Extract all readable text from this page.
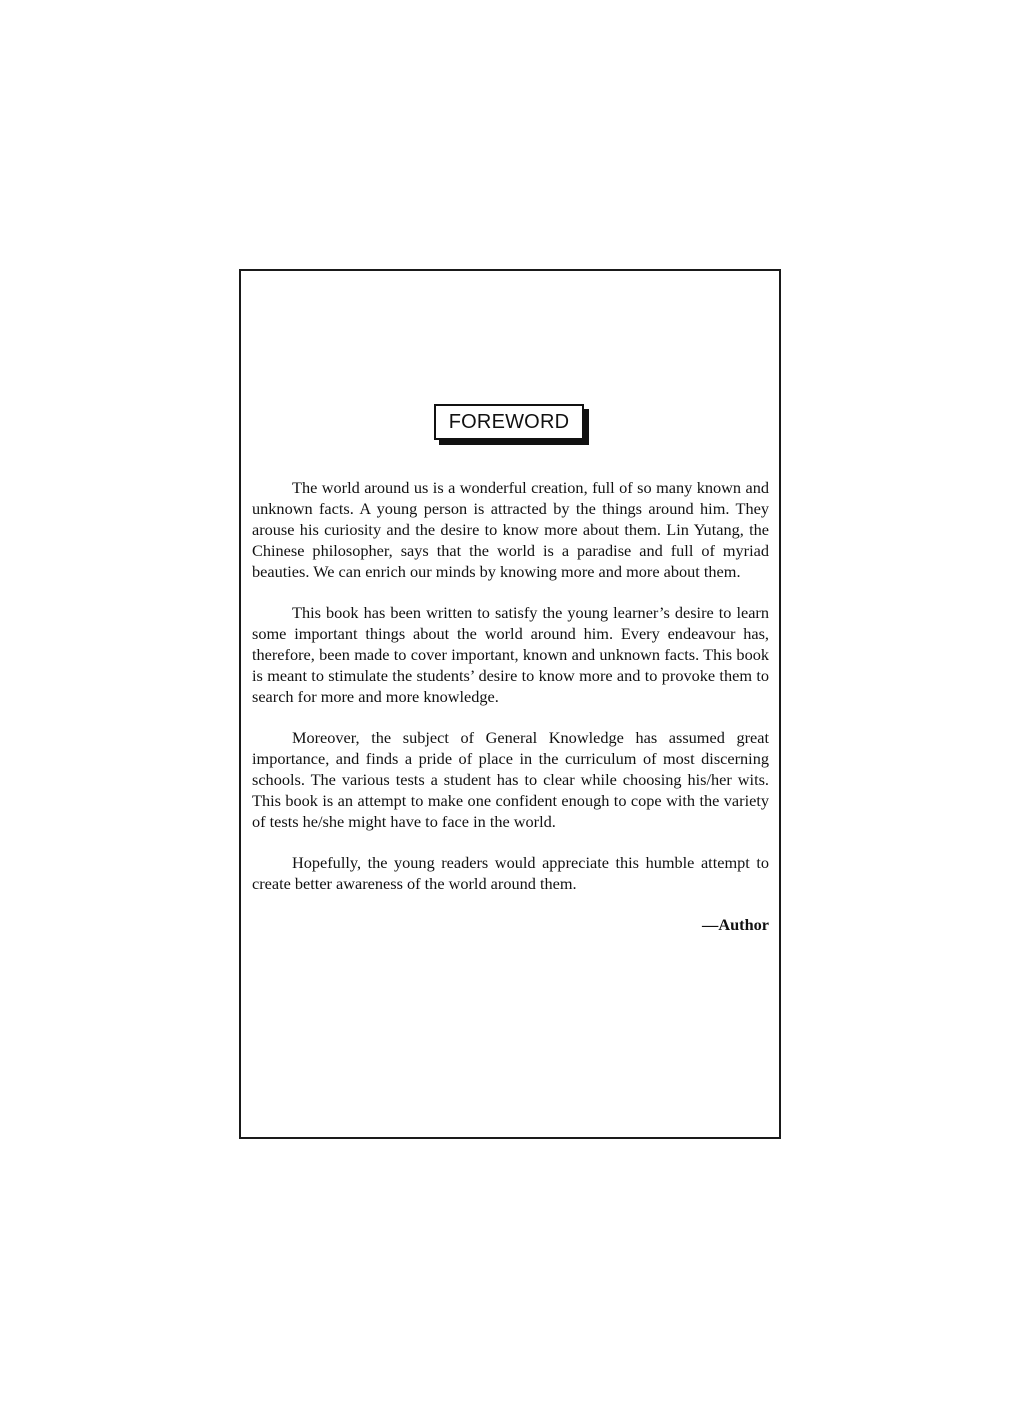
FOREWORD

The world around us is a wonderful creation, full of so many known and unknown facts. A young person is attracted by the things around him. They arouse his curiosity and the desire to know more about them. Lin Yutang, the Chinese philosopher, says that the world is a paradise and full of myriad beauties. We can enrich our minds by knowing more and more about them.

This book has been written to satisfy the young learner’s desire to learn some important things about the world around him. Every endeavour has, therefore, been made to cover important, known and unknown facts. This book is meant to stimulate the students’ desire to know more and to provoke them to search for more and more knowledge.

Moreover, the subject of General Knowledge has assumed great importance, and finds a pride of place in the curriculum of most discerning schools. The various tests a student has to clear while choosing his/her wits. This book is an attempt to make one confident enough to cope with the variety of tests he/she might have to face in the world.

Hopefully, the young readers would appreciate this humble attempt to create better awareness of the world around them.

—Author
